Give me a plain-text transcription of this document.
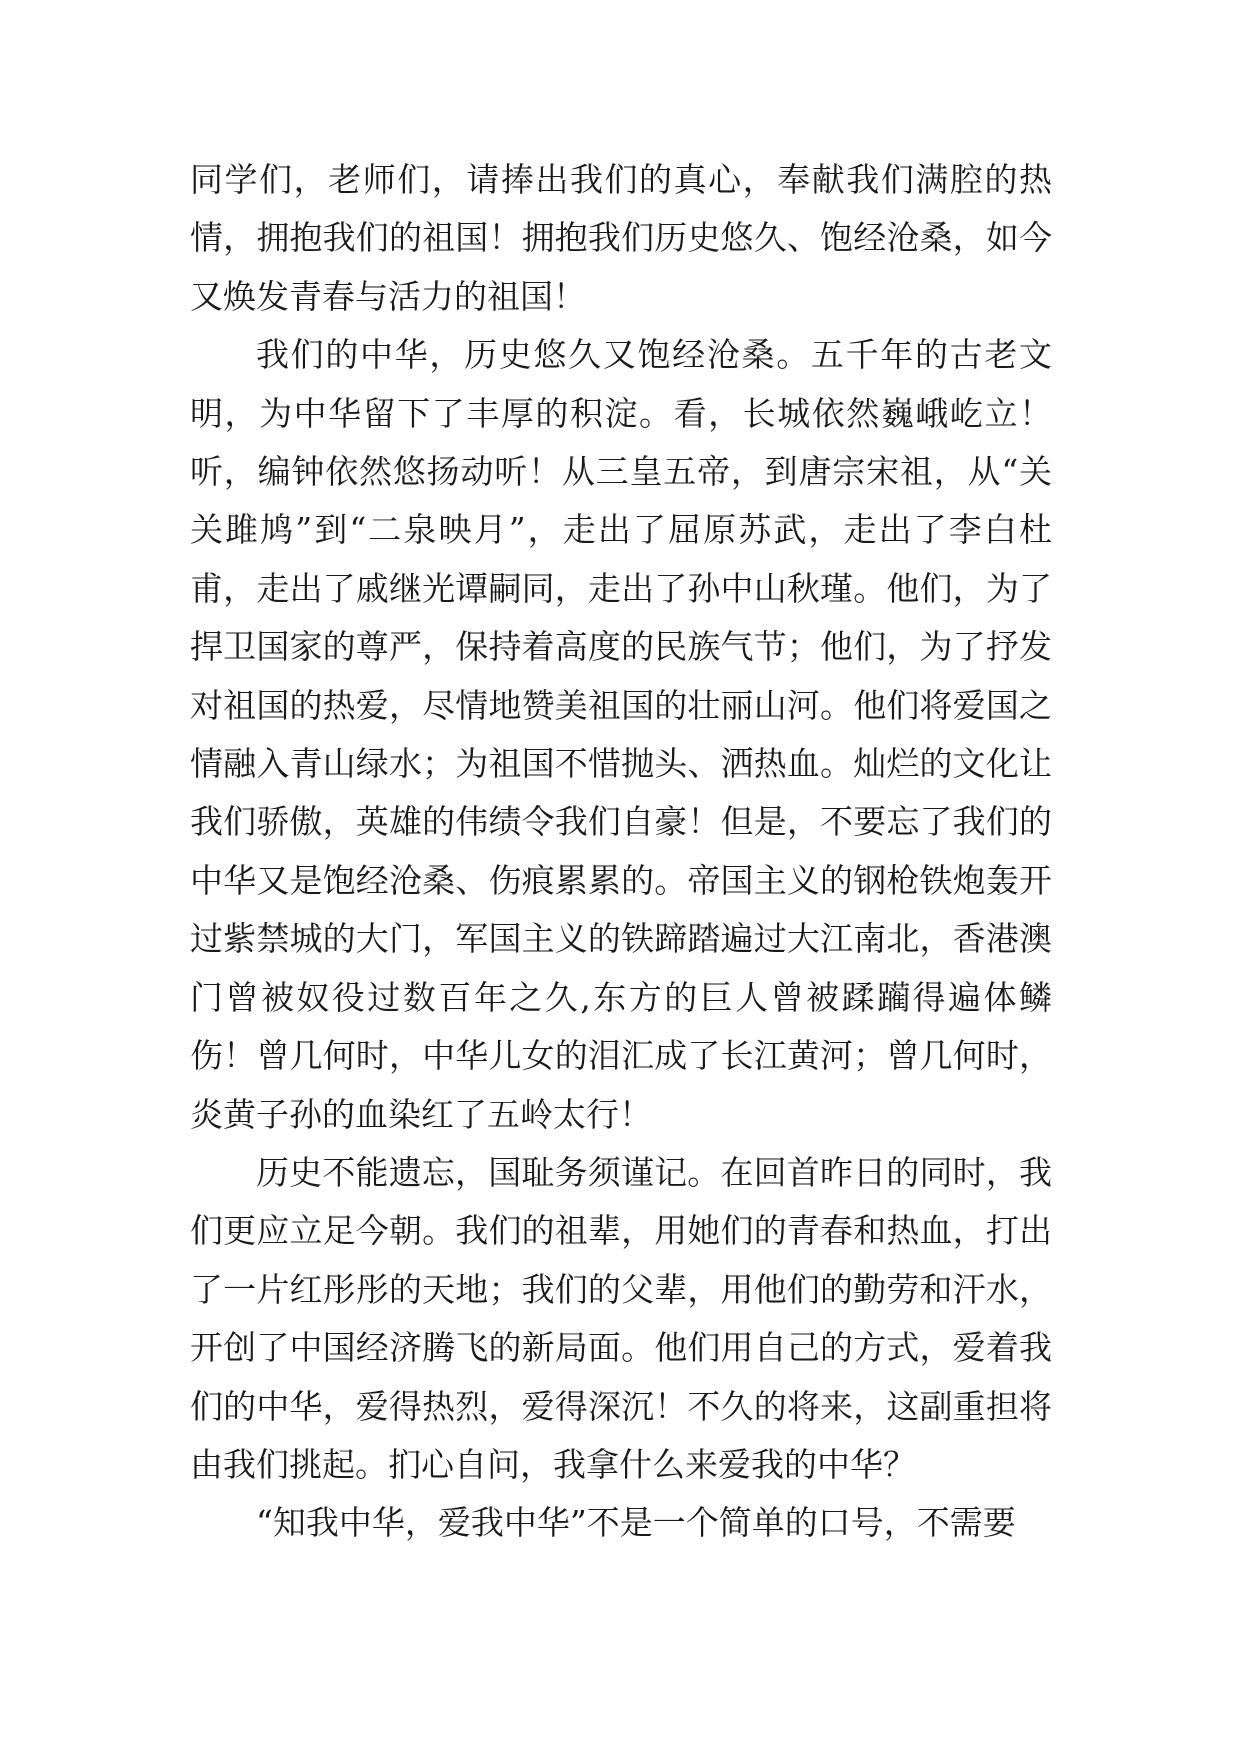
同学们，老师们，请捧出我们的真心，奉献我们满腔的热情，拥抱我们的祖国！拥抱我们历史悠久、饱经沧桑，如今又焕发青春与活力的祖国！

我们的中华，历史悠久又饱经沧桑。五千年的古老文明，为中华留下了丰厚的积淀。看，长城依然巍峨屹立！听，编钟依然悠扬动听！从三皇五帝，到唐宗宋祖，从“关关雎鸠”到“二泉映月”，走出了屈原苏武，走出了李白杜甫，走出了戚继光谭嗣同，走出了孙中山秋瑾。他们，为了捍卫国家的尊严，保持着高度的民族气节；他们，为了抒发对祖国的热爱，尽情地赞美祖国的壮丽山河。他们将爱国之情融入青山绿水；为祖国不惜抛头、洒热血。灿烂的文化让我们骄傲，英雄的伟绩令我们自豪！但是，不要忘了我们的中华又是饱经沧桑、伤痕累累的。帝国主义的钢枪铁炮轰开过紫禁城的大门，军国主义的铁蹄踏遍过大江南北，香港澳门曾被奴役过数百年之久,东方的巨人曾被蹂躏得遍体鳞伤！曾几何时，中华儿女的泪汇成了长江黄河；曾几何时，炎黄子孙的血染红了五岭太行！

历史不能遗忘，国耻务须谨记。在回首昨日的同时，我们更应立足今朝。我们的祖辈，用她们的青春和热血，打出了一片红彤彤的天地；我们的父辈，用他们的勤劳和汗水，开创了中国经济腾飞的新局面。他们用自己的方式，爱着我们的中华，爱得热烈，爱得深沉！不久的将来，这副重担将由我们挑起。扪心自问，我拿什么来爱我的中华？

“知我中华，爱我中华”不是一个简单的口号，不需要
